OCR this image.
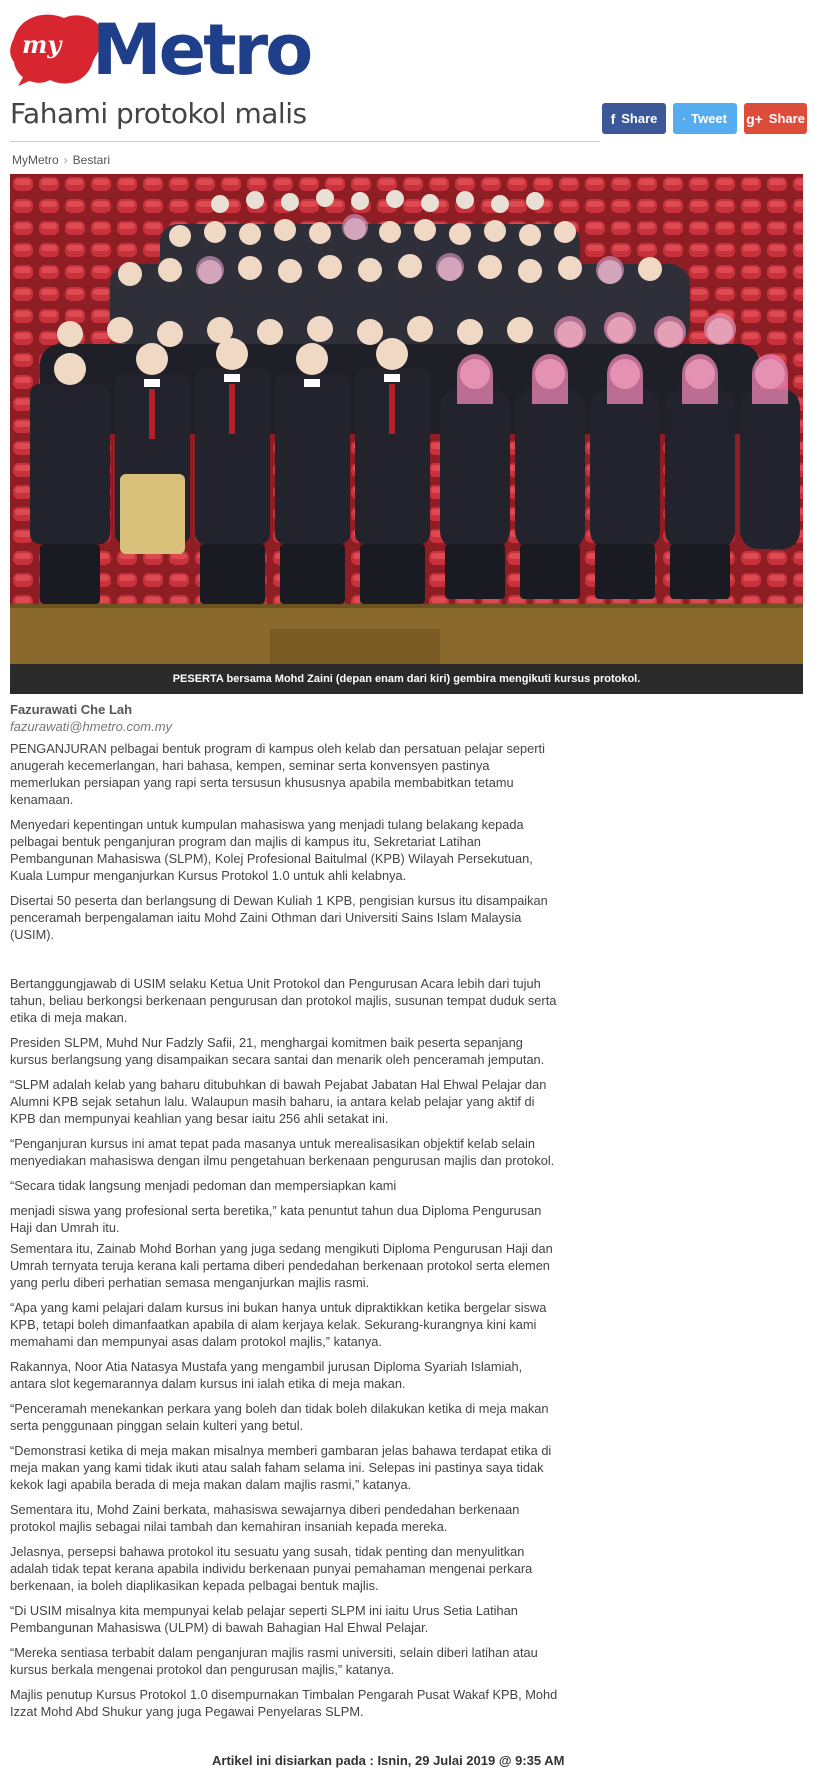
my Metro
Fahami protokol malis	f Share	Tweet g+ Share
MyMetro › Bestari
PESERTA bersama Mohd Zaini (depan enam dari kiri) gembira mengikuti kursus protokol.
Fazurawati Che Lah
fazurawati@hmetro.com.my

PENGANJURAN pelbagai bentuk program di kampus oleh kelab dan persatuan pelajar seperti anugerah kecemerlangan, hari bahasa, kempen, seminar serta konvensyen pastinya memerlukan persiapan yang rapi serta tersusun khususnya apabila membabitkan tetamu kenamaan.

Menyedari kepentingan untuk kumpulan mahasiswa yang menjadi tulang belakang kepada pelbagai bentuk penganjuran program dan majlis di kampus itu, Sekretariat Latihan Pembangunan Mahasiswa (SLPM), Kolej Profesional Baitulmal (KPB) Wilayah Persekutuan, Kuala Lumpur menganjurkan Kursus Protokol 1.0 untuk ahli kelabnya.

Disertai 50 peserta dan berlangsung di Dewan Kuliah 1 KPB, pengisian kursus itu disampaikan penceramah berpengalaman iaitu Mohd Zaini Othman dari Universiti Sains Islam Malaysia (USIM).

Bertanggungjawab di USIM selaku Ketua Unit Protokol dan Pengurusan Acara lebih dari tujuh tahun, beliau berkongsi berkenaan pengurusan dan protokol majlis, susunan tempat duduk serta etika di meja makan.

Presiden SLPM, Muhd Nur Fadzly Safii, 21, menghargai komitmen baik peserta sepanjang kursus berlangsung yang disampaikan secara santai dan menarik oleh penceramah jemputan.

“SLPM adalah kelab yang baharu ditubuhkan di bawah Pejabat Jabatan Hal Ehwal Pelajar dan Alumni KPB sejak setahun lalu. Walaupun masih baharu, ia antara kelab pelajar yang aktif di KPB dan mempunyai keahlian yang besar iaitu 256 ahli setakat ini.

“Penganjuran kursus ini amat tepat pada masanya untuk merealisasikan objektif kelab selain menyediakan mahasiswa dengan ilmu pengetahuan berkenaan pengurusan majlis dan protokol.

“Secara tidak langsung menjadi pedoman dan mempersiapkan kami

menjadi siswa yang profesional serta beretika,” kata penuntut tahun dua Diploma Pengurusan Haji dan Umrah itu.

Sementara itu, Zainab Mohd Borhan yang juga sedang mengikuti Diploma Pengurusan Haji dan Umrah ternyata teruja kerana kali pertama diberi pendedahan berkenaan protokol serta elemen yang perlu diberi perhatian semasa menganjurkan majlis rasmi.

“Apa yang kami pelajari dalam kursus ini bukan hanya untuk dipraktikkan ketika bergelar siswa KPB, tetapi boleh dimanfaatkan apabila di alam kerjaya kelak. Sekurang-kurangnya kini kami memahami dan mempunyai asas dalam protokol majlis,” katanya.

Rakannya, Noor Atia Natasya Mustafa yang mengambil jurusan Diploma Syariah Islamiah, antara slot kegemarannya dalam kursus ini ialah etika di meja makan.

“Penceramah menekankan perkara yang boleh dan tidak boleh dilakukan ketika di meja makan serta penggunaan pinggan selain kulteri yang betul.

“Demonstrasi ketika di meja makan misalnya memberi gambaran jelas bahawa terdapat etika di meja makan yang kami tidak ikuti atau salah faham selama ini. Selepas ini pastinya saya tidak kekok lagi apabila berada di meja makan dalam majlis rasmi,” katanya.

Sementara itu, Mohd Zaini berkata, mahasiswa sewajarnya diberi pendedahan berkenaan protokol majlis sebagai nilai tambah dan kemahiran insaniah kepada mereka.

Jelasnya, persepsi bahawa protokol itu sesuatu yang susah, tidak penting dan menyulitkan adalah tidak tepat kerana apabila individu berkenaan punyai pemahaman mengenai perkara berkenaan, ia boleh diaplikasikan kepada pelbagai bentuk majlis.

“Di USIM misalnya kita mempunyai kelab pelajar seperti SLPM ini iaitu Urus Setia Latihan Pembangunan Mahasiswa (ULPM) di bawah Bahagian Hal Ehwal Pelajar.

“Mereka sentiasa terbabit dalam penganjuran majlis rasmi universiti, selain diberi latihan atau kursus berkala mengenai protokol dan pengurusan majlis,” katanya.

Majlis penutup Kursus Protokol 1.0 disempurnakan Timbalan Pengarah Pusat Wakaf KPB, Mohd Izzat Mohd Abd Shukur yang juga Pegawai Penyelaras SLPM.

Artikel ini disiarkan pada : Isnin, 29 Julai 2019 @ 9:35 AM
